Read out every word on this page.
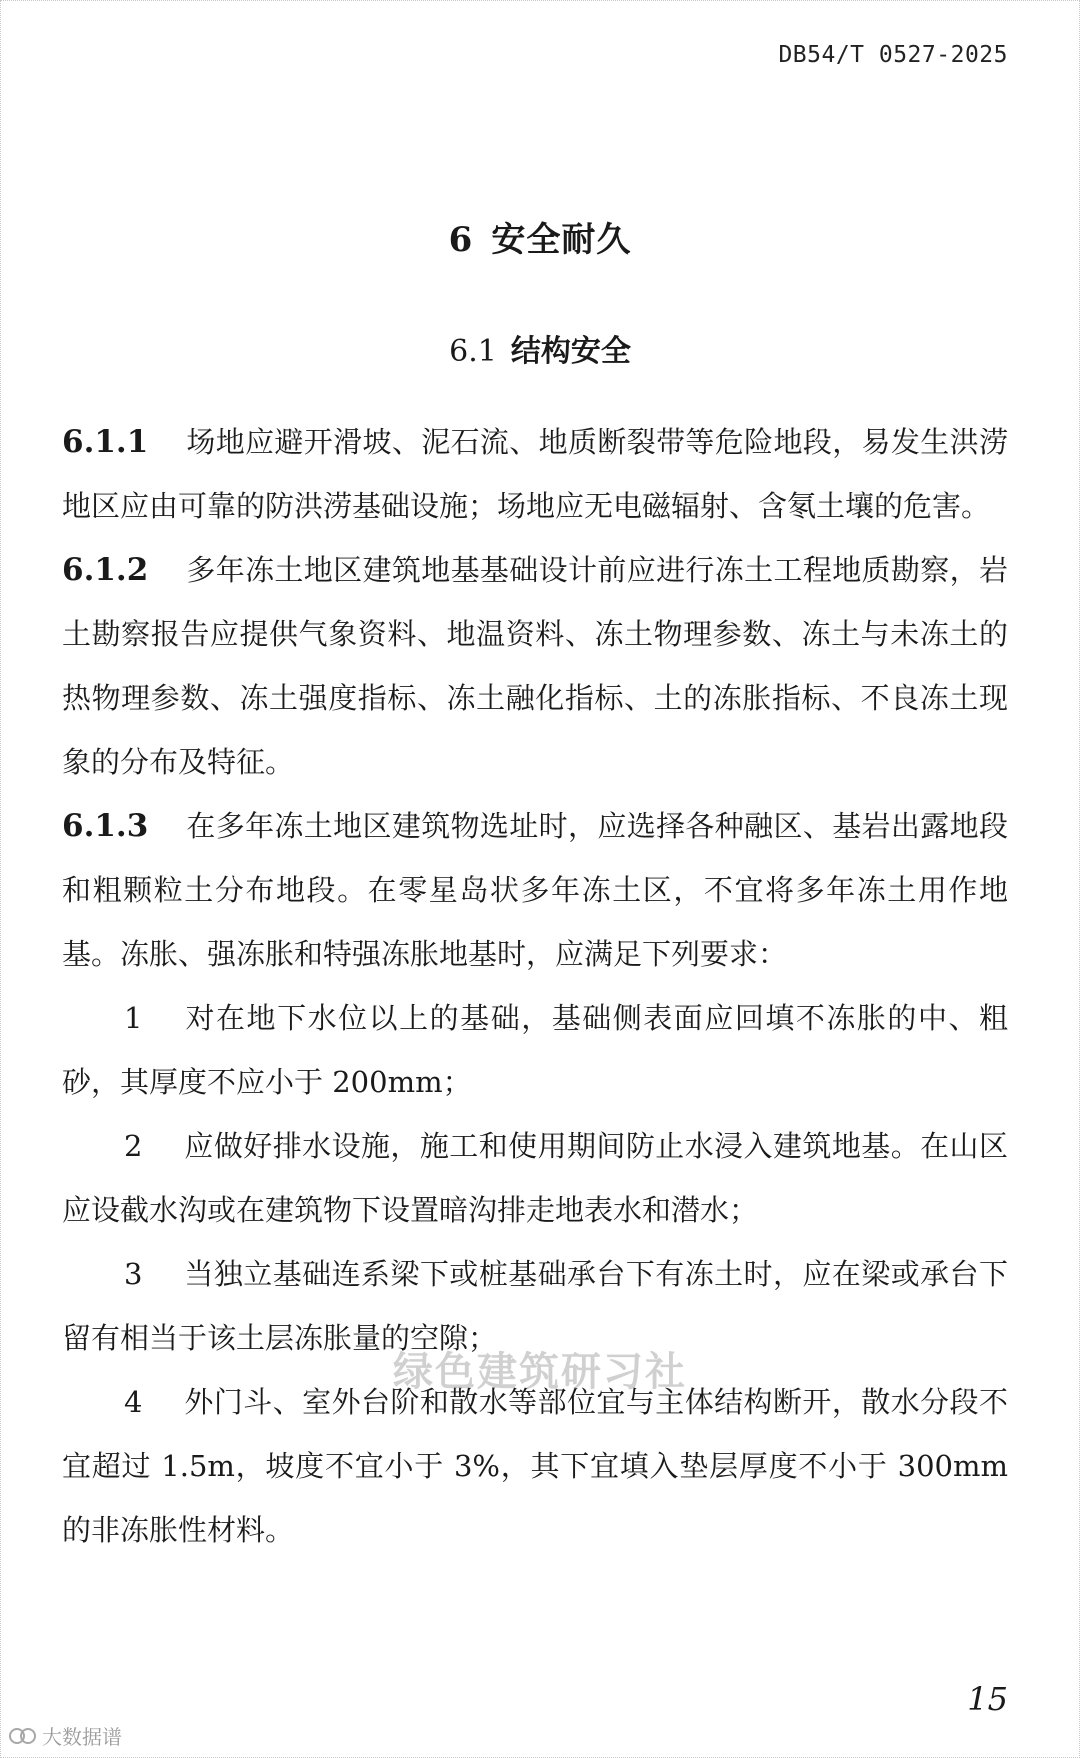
DB54/T 0527-2025
6 安全耐久
6.1 结构安全

6.1.1 场地应避开滑坡、泥石流、地质断裂带等危险地段，易发生洪涝地区应由可靠的防洪涝基础设施；场地应无电磁辐射、含氡土壤的危害。

6.1.2 多年冻土地区建筑地基基础设计前应进行冻土工程地质勘察，岩土勘察报告应提供气象资料、地温资料、冻土物理参数、冻土与未冻土的热物理参数、冻土强度指标、冻土融化指标、土的冻胀指标、不良冻土现象的分布及特征。

6.1.3 在多年冻土地区建筑物选址时，应选择各种融区、基岩出露地段和粗颗粒土分布地段。在零星岛状多年冻土区，不宜将多年冻土用作地基。冻胀、强冻胀和特强冻胀地基时，应满足下列要求：

1 对在地下水位以上的基础，基础侧表面应回填不冻胀的中、粗砂，其厚度不应小于 200mm；

2 应做好排水设施，施工和使用期间防止水浸入建筑地基。在山区应设截水沟或在建筑物下设置暗沟排走地表水和潜水；

3 当独立基础连系梁下或桩基础承台下有冻土时，应在梁或承台下留有相当于该土层冻胀量的空隙；

4 外门斗、室外台阶和散水等部位宜与主体结构断开，散水分段不宜超过 1.5m，坡度不宜小于 3%，其下宜填入垫层厚度不小于 300mm 的非冻胀性材料。

绿色建筑研习社
15
大数据谱
